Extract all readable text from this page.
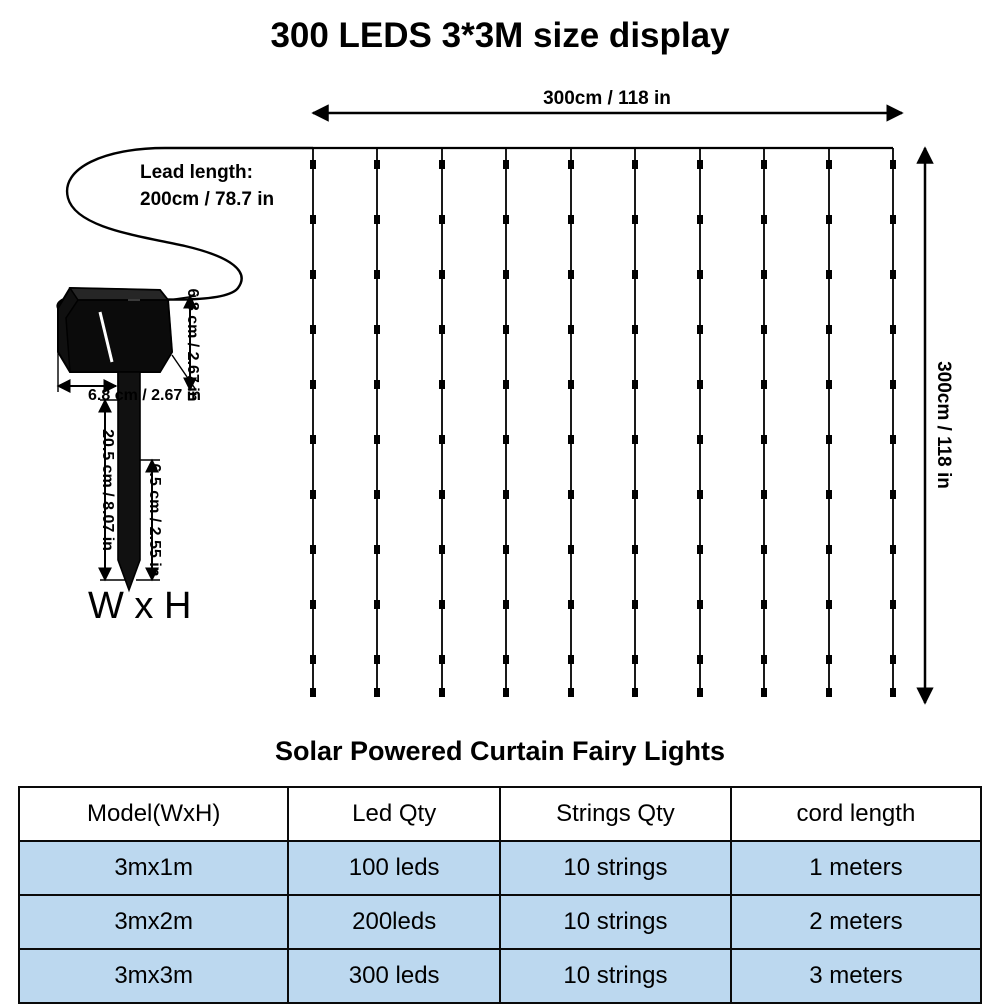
300 LEDS 3*3M size display
300cm / 118 in
300cm / 118 in
Lead length:
200cm / 78.7 in
6.8 cm / 2.67 in
6.8 cm / 2.67 in
20.5 cm / 8.07 in 6.5 cm / 2.55 in
W x H
Solar Powered Curtain Fairy Lights
Model(WxH)	Led Qty	Strings Qty	cord length
3mx1m	100 leds	10 strings	1 meters
3mx2m	200leds	10 strings	2 meters
3mx3m	300 leds	10 strings	3 meters
